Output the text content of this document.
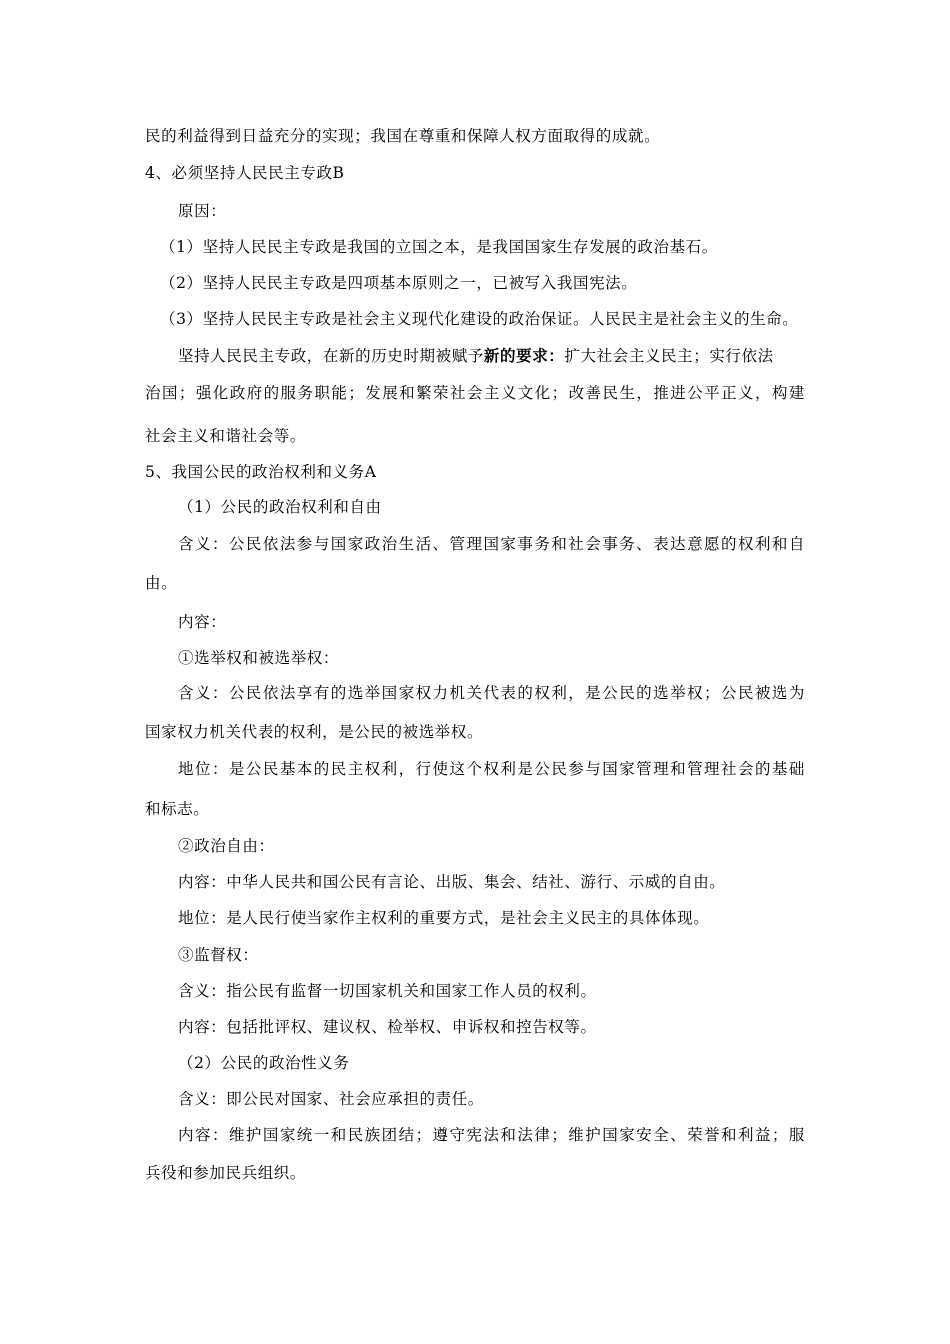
民的利益得到日益充分的实现；我国在尊重和保障人权方面取得的成就。
4、必须坚持人民民主专政B
原因：
（1）坚持人民民主专政是我国的立国之本，是我国国家生存发展的政治基石。
（2）坚持人民民主专政是四项基本原则之一，已被写入我国宪法。
（3）坚持人民民主专政是社会主义现代化建设的政治保证。人民民主是社会主义的生命。
坚持人民民主专政，在新的历史时期被赋予新的要求：扩大社会主义民主；实行依法
治国；强化政府的服务职能；发展和繁荣社会主义文化；改善民生，推进公平正义，构建
社会主义和谐社会等。
5、我国公民的政治权利和义务A
（1）公民的政治权利和自由
含义：公民依法参与国家政治生活、管理国家事务和社会事务、表达意愿的权利和自
由。
内容：
①选举权和被选举权：
含义：公民依法享有的选举国家权力机关代表的权利，是公民的选举权；公民被选为
国家权力机关代表的权利，是公民的被选举权。
地位：是公民基本的民主权利，行使这个权利是公民参与国家管理和管理社会的基础
和标志。
②政治自由：
内容：中华人民共和国公民有言论、出版、集会、结社、游行、示威的自由。
地位：是人民行使当家作主权利的重要方式，是社会主义民主的具体体现。
③监督权：
含义：指公民有监督一切国家机关和国家工作人员的权利。
内容：包括批评权、建议权、检举权、申诉权和控告权等。
（2）公民的政治性义务
含义：即公民对国家、社会应承担的责任。
内容：维护国家统一和民族团结；遵守宪法和法律；维护国家安全、荣誉和利益；服
兵役和参加民兵组织。
